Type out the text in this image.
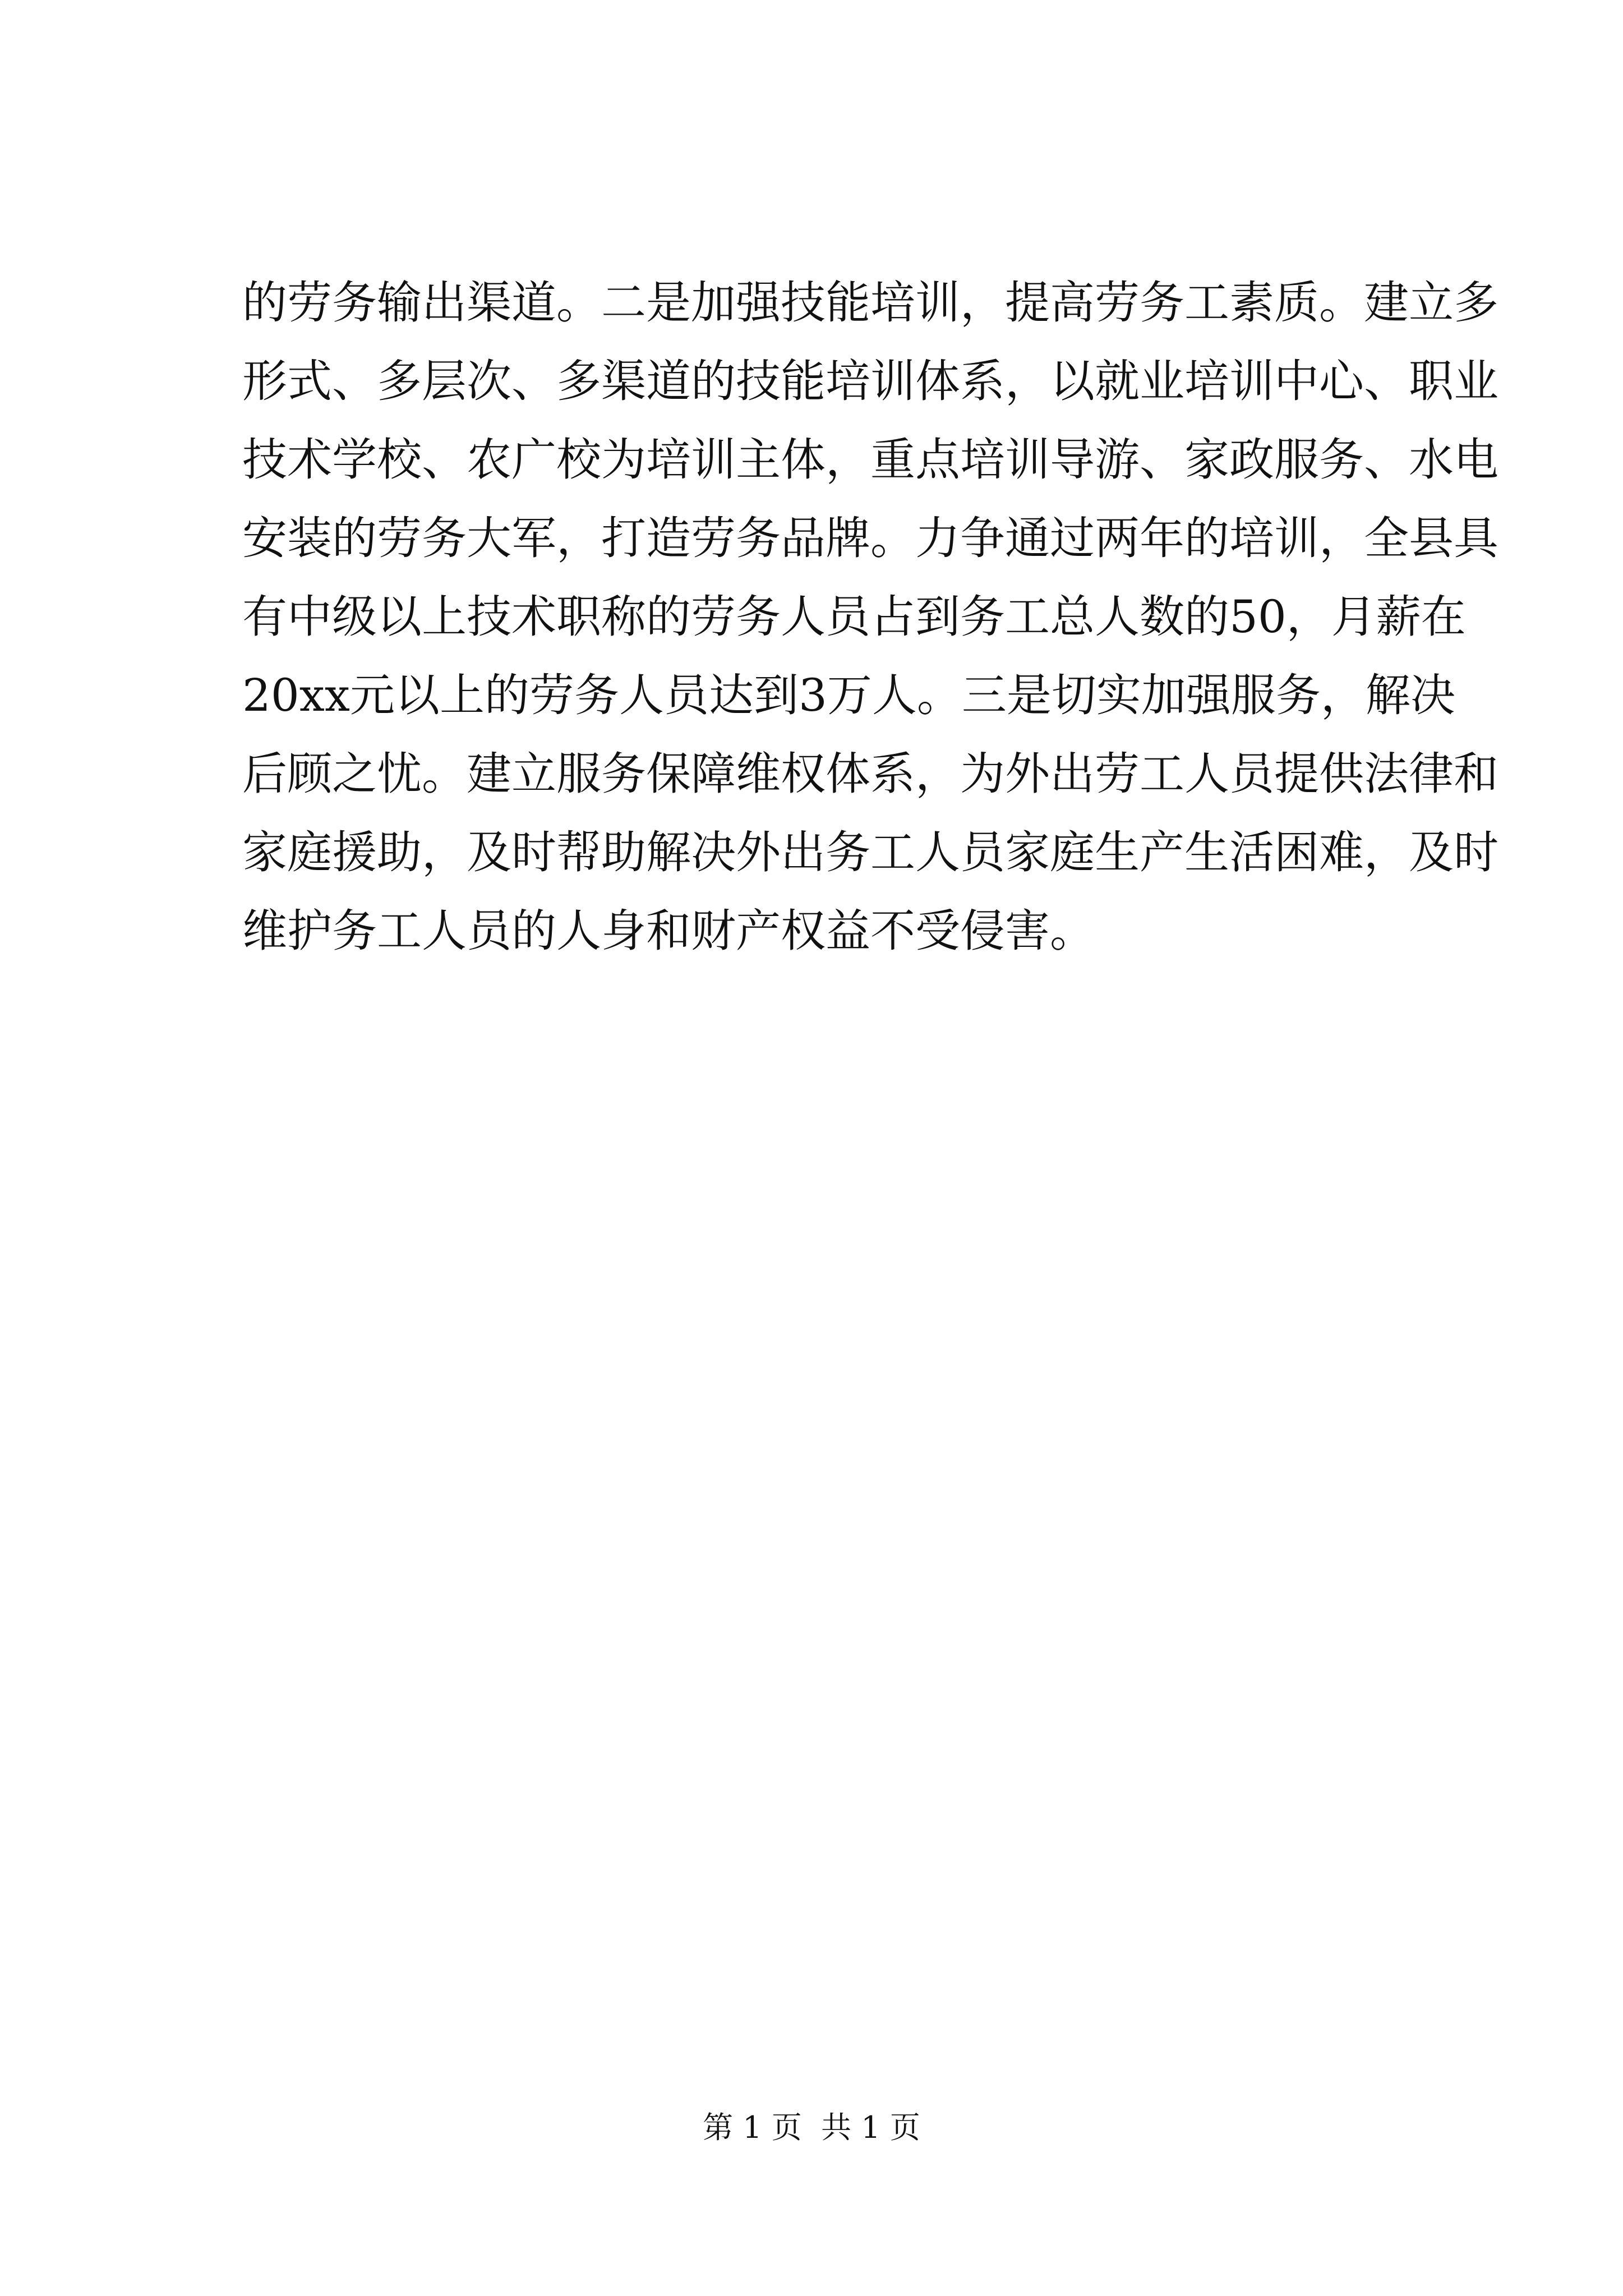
的劳务输出渠道。二是加强技能培训，提高劳务工素质。建立多
形式、多层次、多渠道的技能培训体系，以就业培训中心、职业
技术学校、农广校为培训主体，重点培训导游、家政服务、水电
安装的劳务大军，打造劳务品牌。力争通过两年的培训，全县具
有中级以上技术职称的劳务人员占到务工总人数的50，月薪在
20xx元以上的劳务人员达到3万人。三是切实加强服务，解决
后顾之忧。建立服务保障维权体系，为外出劳工人员提供法律和
家庭援助，及时帮助解决外出务工人员家庭生产生活困难，及时
维护务工人员的人身和财产权益不受侵害。
第 1 页  共 1 页
